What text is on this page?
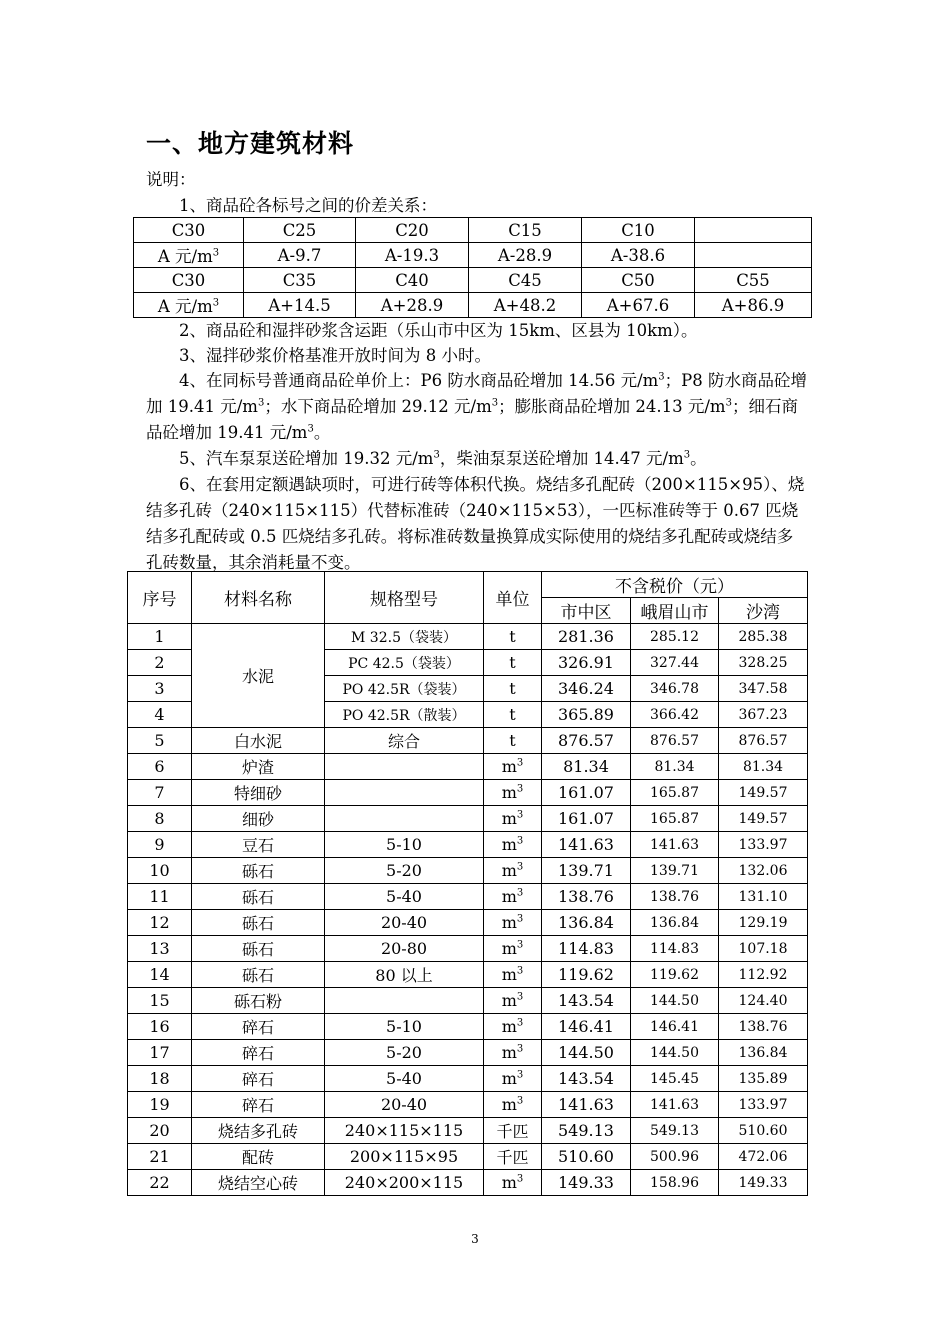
一、地方建筑材料

说明：

1、商品砼各标号之间的价差关系：

C30	C25	C20	C15	C10	
A 元$/m^3$	A-9.7	A-19.3	A-28.9	A-38.6	
C30	C35	C40	C45	C50	C55
A 元$/m^3$	A+14.5	A+28.9	A+48.2	A+67.6	A+86.9

2、商品砼和湿拌砂浆含运距（乐山市中区为 15km、区县为 10km）。

3、湿拌砂浆价格基准开放时间为 8 小时。

4、在同标号普通商品砼单价上：P6 防水商品砼增加 14.56 元$/m^3$；P8 防水商品砼增加 19.41 元$/m^3$；水下商品砼增加 29.12 元$/m^3$；膨胀商品砼增加 24.13 元$/m^3$；细石商品砼增加 19.41 元$/m^3$。

5、汽车泵泵送砼增加 19.32 元$/m^3$，柴油泵泵送砼增加 14.47 元$/m^3$。

6、在套用定额遇缺项时，可进行砖等体积代换。烧结多孔配砖（200×115×95）、烧结多孔砖（240×115×115）代替标准砖（240×115×53），一匹标准砖等于 0.67 匹烧结多孔配砖或 0.5 匹烧结多孔砖。将标准砖数量换算成实际使用的烧结多孔配砖或烧结多孔砖数量，其余消耗量不变。

序号	材料名称	规格型号	单位	不含税价（元）		
				市中区	峨眉山市	沙湾
1	水泥	M 32.5（袋装）	t	281.36	285.12	285.38
2		PC 42.5（袋装）	t	326.91	327.44	328.25
3		PO 42.5R（袋装）	t	346.24	346.78	347.58
4		PO 42.5R（散装）	t	365.89	366.42	367.23
5	白水泥	综合	t	876.57	876.57	876.57
6	炉渣		$m^3$	81.34	81.34	81.34
7	特细砂		$m^3$	161.07	165.87	149.57
8	细砂		$m^3$	161.07	165.87	149.57
9	豆石	5-10	$m^3$	141.63	141.63	133.97
10	砾石	5-20	$m^3$	139.71	139.71	132.06
11	砾石	5-40	$m^3$	138.76	138.76	131.10
12	砾石	20-40	$m^3$	136.84	136.84	129.19
13	砾石	20-80	$m^3$	114.83	114.83	107.18
14	砾石	80 以上	$m^3$	119.62	119.62	112.92
15	砾石粉		$m^3$	143.54	144.50	124.40
16	碎石	5-10	$m^3$	146.41	146.41	138.76
17	碎石	5-20	$m^3$	144.50	144.50	136.84
18	碎石	5-40	$m^3$	143.54	145.45	135.89
19	碎石	20-40	$m^3$	141.63	141.63	133.97
20	烧结多孔砖	240×115×115	千匹	549.13	549.13	510.60
21	配砖	200×115×95	千匹	510.60	500.96	472.06
22	烧结空心砖	240×200×115	$m^3$	149.33	158.96	149.33
3
